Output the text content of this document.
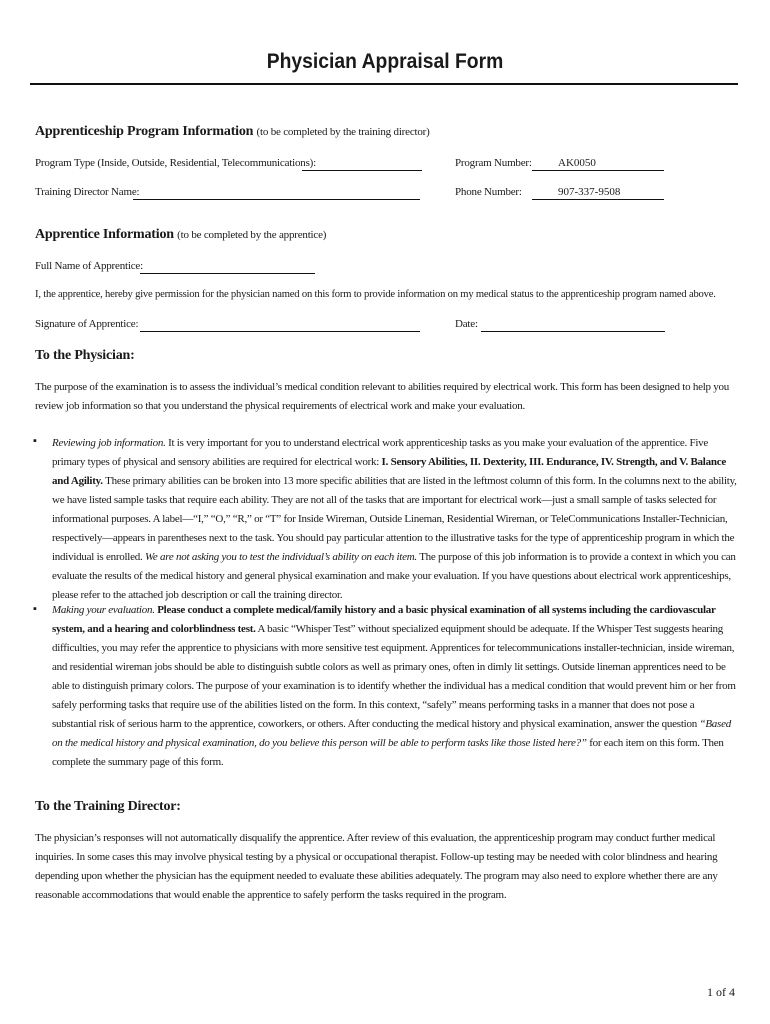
Physician Appraisal Form
Apprenticeship Program Information (to be completed by the training director)
Program Type (Inside, Outside, Residential, Telecommunications):	Program Number:	AK0050
Training Director Name:	Phone Number:	907-337-9508
Apprentice Information (to be completed by the apprentice)
Full Name of Apprentice:
I, the apprentice, hereby give permission for the physician named on this form to provide information on my medical status to the apprenticeship program named above.
Signature of Apprentice:	Date:
To the Physician:
The purpose of the examination is to assess the individual’s medical condition relevant to abilities required by electrical work. This form has been designed to help you review job information so that you understand the physical requirements of electrical work and make your evaluation.
▪ Reviewing job information. It is very important for you to understand electrical work apprenticeship tasks as you make your evaluation of the apprentice. Five primary types of physical and sensory abilities are required for electrical work: I. Sensory Abilities, II. Dexterity, III. Endurance, IV. Strength, and V. Balance and Agility. These primary abilities can be broken into 13 more specific abilities that are listed in the leftmost column of this form. In the columns next to the ability, we have listed sample tasks that require each ability. They are not all of the tasks that are important for electrical work—just a small sample of tasks selected for informational purposes. A label—“I,” “O,” “R,” or “T” for Inside Wireman, Outside Lineman, Residential Wireman, or TeleCommunications Installer-Technician, respectively—appears in parentheses next to the task. You should pay particular attention to the illustrative tasks for the type of apprenticeship program in which the individual is enrolled. We are not asking you to test the individual’s ability on each item. The purpose of this job information is to provide a context in which you can evaluate the results of the medical history and general physical examination and make your evaluation. If you have questions about electrical work apprenticeships, please refer to the attached job description or call the training director.
▪ Making your evaluation. Please conduct a complete medical/family history and a basic physical examination of all systems including the cardiovascular system, and a hearing and colorblindness test. A basic “Whisper Test” without specialized equipment should be adequate. If the Whisper Test suggests hearing difficulties, you may refer the apprentice to physicians with more sensitive test equipment. Apprentices for telecommunications installer-technician, inside wireman, and residential wireman jobs should be able to distinguish subtle colors as well as primary ones, often in dimly lit settings. Outside lineman apprentices need to be able to distinguish primary colors. The purpose of your examination is to identify whether the individual has a medical condition that would prevent him or her from safely performing tasks that require use of the abilities listed on the form. In this context, “safely” means performing tasks in a manner that does not pose a substantial risk of serious harm to the apprentice, coworkers, or others. After conducting the medical history and physical examination, answer the question “Based on the medical history and physical examination, do you believe this person will be able to perform tasks like those listed here?” for each item on this form. Then complete the summary page of this form.
To the Training Director:
The physician’s responses will not automatically disqualify the apprentice. After review of this evaluation, the apprenticeship program may conduct further medical inquiries. In some cases this may involve physical testing by a physical or occupational therapist. Follow-up testing may be needed with color blindness and hearing depending upon whether the physician has the equipment needed to evaluate these abilities adequately. The program may also need to explore whether there are any reasonable accommodations that would enable the apprentice to safely perform the tasks required in the program.
1 of 4
